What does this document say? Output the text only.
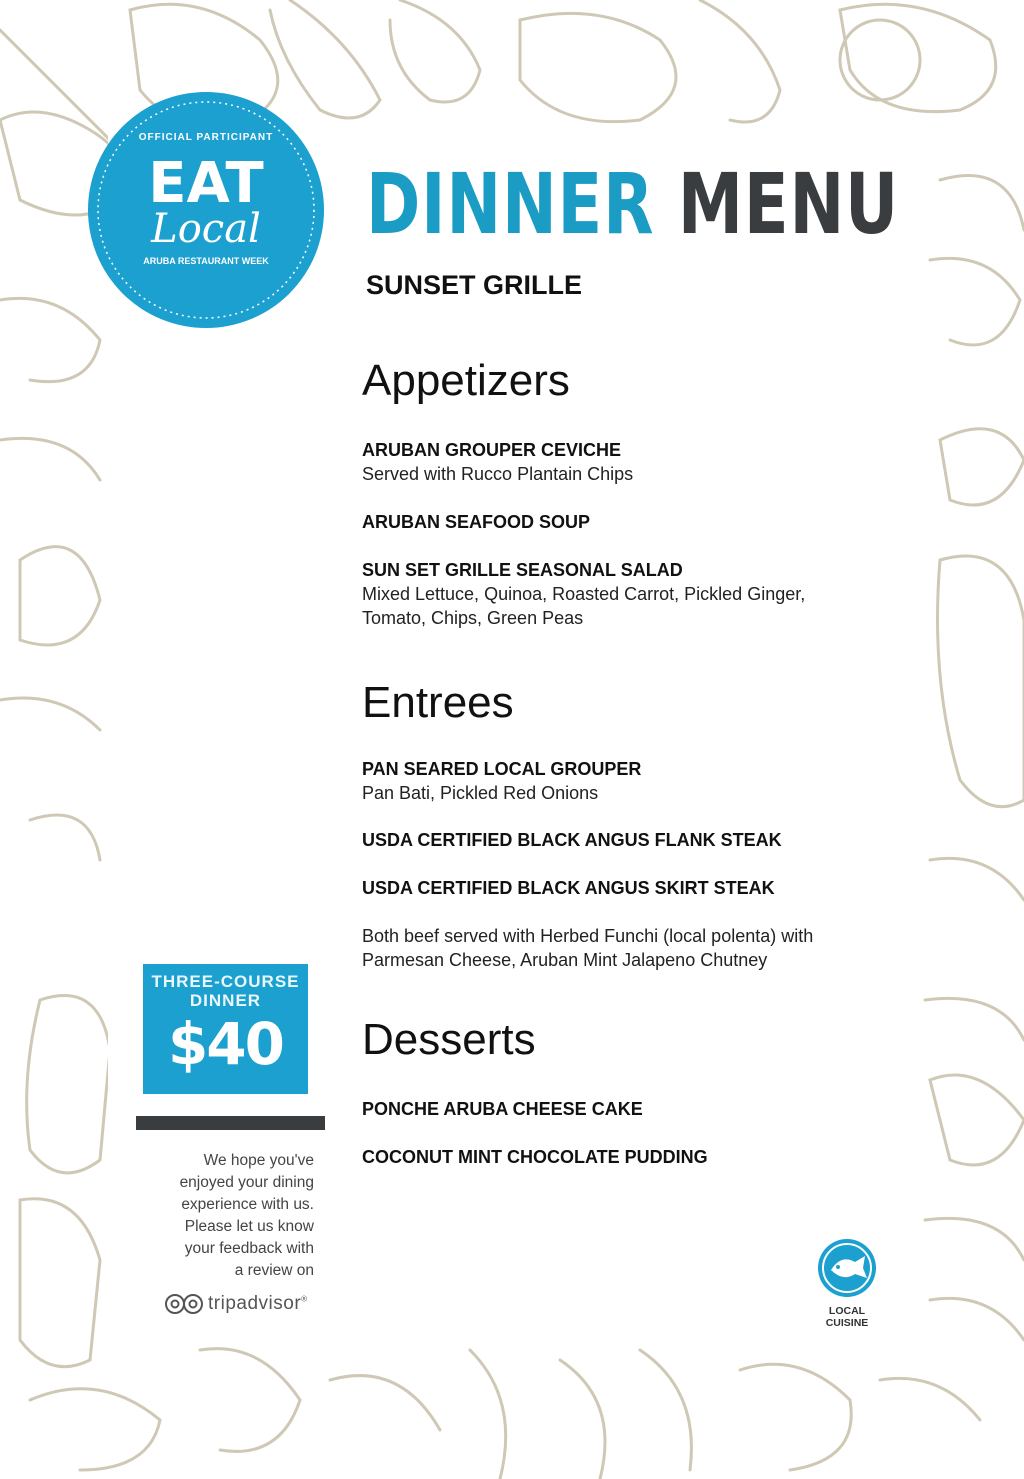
OFFICIAL PARTICIPANT
EAT
Local
ARUBA RESTAURANT WEEK
DINNER MENU
SUNSET GRILLE
Appetizers

ARUBAN GROUPER CEVICHE

Served with Rucco Plantain Chips

ARUBAN SEAFOOD SOUP

SUN SET GRILLE SEASONAL SALAD

Mixed Lettuce, Quinoa, Roasted Carrot, Pickled Ginger,

Tomato, Chips, Green Peas

Entrees

PAN SEARED LOCAL GROUPER

Pan Bati, Pickled Red Onions

USDA CERTIFIED BLACK ANGUS FLANK STEAK

USDA CERTIFIED BLACK ANGUS SKIRT STEAK

Both beef served with Herbed Funchi (local polenta) with

Parmesan Cheese, Aruban Mint Jalapeno Chutney

Desserts

PONCHE ARUBA CHEESE CAKE

COCONUT MINT CHOCOLATE PUDDING

THREE-COURSE
DINNER
$40
We hope you've
enjoyed your dining
experience with us.
Please let us know
your feedback with
a review on
tripadvisor®
LOCAL
CUISINE
